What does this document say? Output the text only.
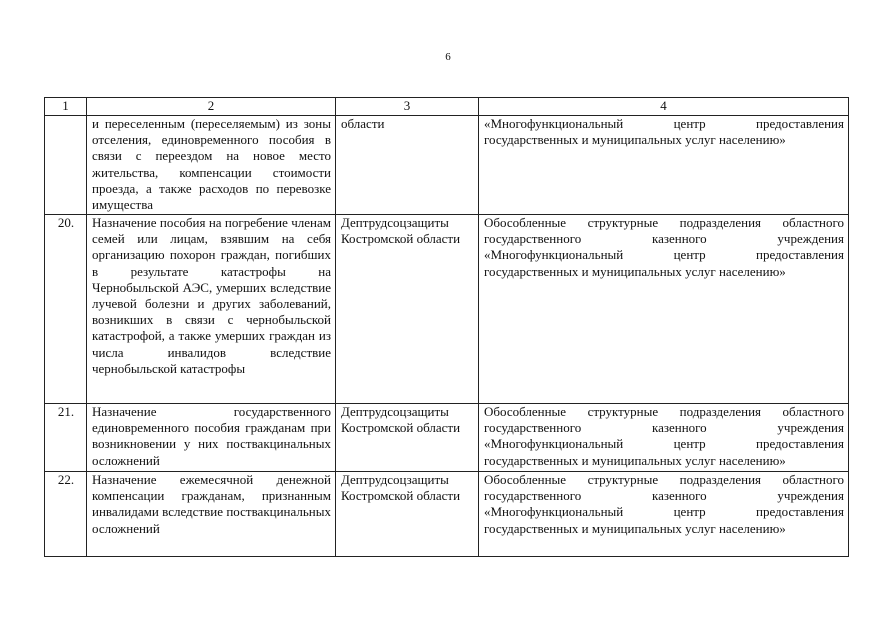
6
1	2	3	4
	и переселенным (переселяемым) из зоны отселения, единовременного пособия в связи с переездом на новое место жительства, компенсации стоимости проезда, а также расходов по перевозке имущества	области	«Многофункциональный центр предоставления государственных и муниципальных услуг населению»
20.	Назначение пособия на погребение членам семей или лицам, взявшим на себя организацию похорон граждан, погибших в результате катастрофы на Чернобыльской АЭС, умерших вследствие лучевой болезни и других заболеваний, возникших в связи с чернобыльской катастрофой, а также умерших граждан из числа инвалидов вследствие чернобыльской катастрофы	Дептрудсоцзащиты Костромской области	Обособленные структурные подразделения областного государственного казенного учреждения «Многофункциональный центр предоставления государственных и муниципальных услуг населению»
21.	Назначение государственного единовременного пособия гражданам при возникновении у них поствакцинальных осложнений	Дептрудсоцзащиты Костромской области	Обособленные структурные подразделения областного государственного казенного учреждения «Многофункциональный центр предоставления государственных и муниципальных услуг населению»
22.	Назначение ежемесячной денежной компенсации гражданам, признанным инвалидами вследствие поствакцинальных осложнений	Дептрудсоцзащиты Костромской области	Обособленные структурные подразделения областного государственного казенного учреждения «Многофункциональный центр предоставления государственных и муниципальных услуг населению»
